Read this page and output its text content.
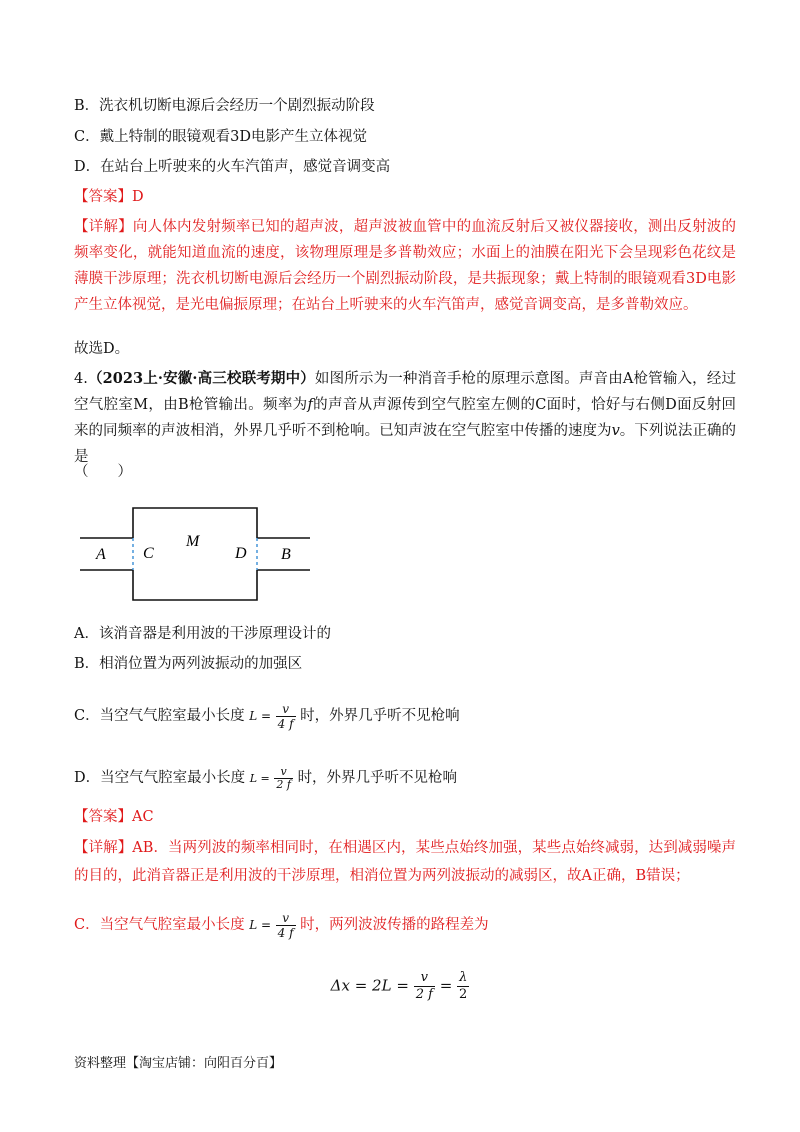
B．洗衣机切断电源后会经历一个剧烈振动阶段
C．戴上特制的眼镜观看3D电影产生立体视觉
D．在站台上听驶来的火车汽笛声，感觉音调变高
【答案】D
【详解】向人体内发射频率已知的超声波，超声波被血管中的血流反射后又被仪器接收，测出反射波的频率变化，就能知道血流的速度，该物理原理是多普勒效应；水面上的油膜在阳光下会呈现彩色花纹是薄膜干涉原理；洗衣机切断电源后会经历一个剧烈振动阶段，是共振现象；戴上特制的眼镜观看3D电影产生立体视觉，是光电偏振原理；在站台上听驶来的火车汽笛声，感觉音调变高，是多普勒效应。
故选D。
4.（2023上·安徽·高三校联考期中）如图所示为一种消音手枪的原理示意图。声音由A枪管输入，经过空气腔室M，由B枪管输出。频率为f的声音从声源传到空气腔室左侧的C面时，恰好与右侧D面反射回来的同频率的声波相消，外界几乎听不到枪响。已知声波在空气腔室中传播的速度为v。下列说法正确的是
（　　）
A C
M
D B
A．该消音器是利用波的干涉原理设计的
B．相消位置为两列波振动的加强区
C．当空气气腔室最小长度 $L = \frac{v}{4 f}$ 时，外界几乎听不见枪响
D．当空气气腔室最小长度 $L = \frac{v}{2 f}$ 时，外界几乎听不见枪响
【答案】AC
【详解】AB．当两列波的频率相同时，在相遇区内，某些点始终加强，某些点始终减弱，达到减弱噪声的目的，此消音器正是利用波的干涉原理，相消位置为两列波振动的减弱区，故A正确，B错误；
C．当空气气腔室最小长度 $L = \frac{v}{4 f}$ 时，两列波波传播的路程差为
$\Delta x = 2L = \frac{v}{2 f} = \frac{\lambda}{2}$
资料整理【淘宝店铺：向阳百分百】
